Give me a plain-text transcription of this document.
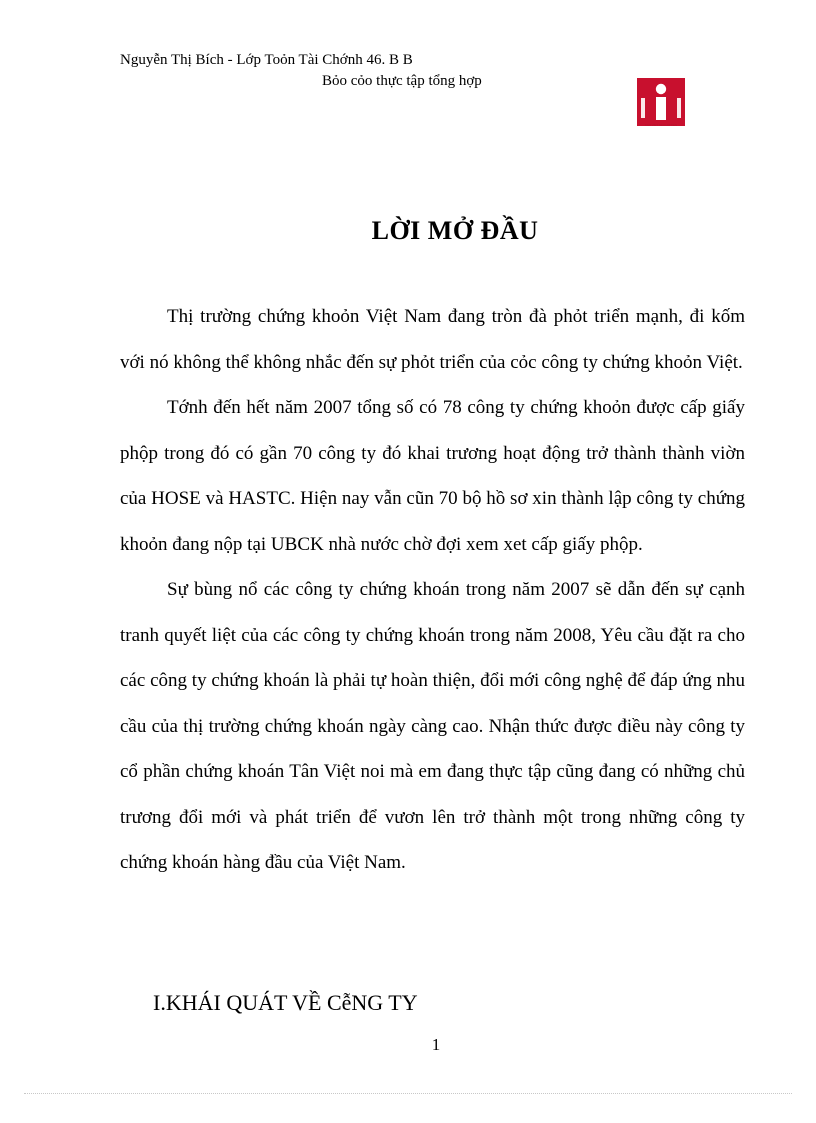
Nguyễn Thị Bích - Lớp Toỏn Tài Chớnh 46. B B
Bỏo cỏo thực tập tổng hợp
TAN VIET SECURITIES
LỜI MỞ ĐẦU

Thị trường chứng khoỏn Việt Nam đang tròn đà phỏt triển mạnh, đi kốm với nó không thể không nhắc đến sự phỏt triển của cỏc công ty chứng khoỏn Việt.

Tớnh đến hết năm 2007 tổng số có 78 công ty chứng khoỏn được cấp giấy phộp trong đó có gần 70 công ty đó khai trương hoạt động trở thành thành viờn của HOSE và HASTC. Hiện nay vẫn cũn 70 bộ hồ sơ xin thành lập công ty chứng khoỏn đang nộp tại UBCK nhà nước chờ đợi xem xet cấp giấy phộp.

Sự bùng nổ các công ty chứng khoán trong năm 2007 sẽ dẫn đến sự cạnh tranh quyết liệt của các công ty chứng khoán trong năm 2008, Yêu cầu đặt ra cho các công ty chứng khoán là phải tự hoàn thiện, đổi mới công nghệ để đáp ứng nhu cầu của thị trường chứng khoán ngày càng cao. Nhận thức được điều này công ty cổ phần chứng khoán Tân Việt noi mà em đang thực tập cũng đang có những chủ trương đổi mới và phát triển để vươn lên trở thành một trong những công ty chứng khoán hàng đầu của Việt Nam.

I.KHÁI QUÁT VỀ CễNG TY
1
